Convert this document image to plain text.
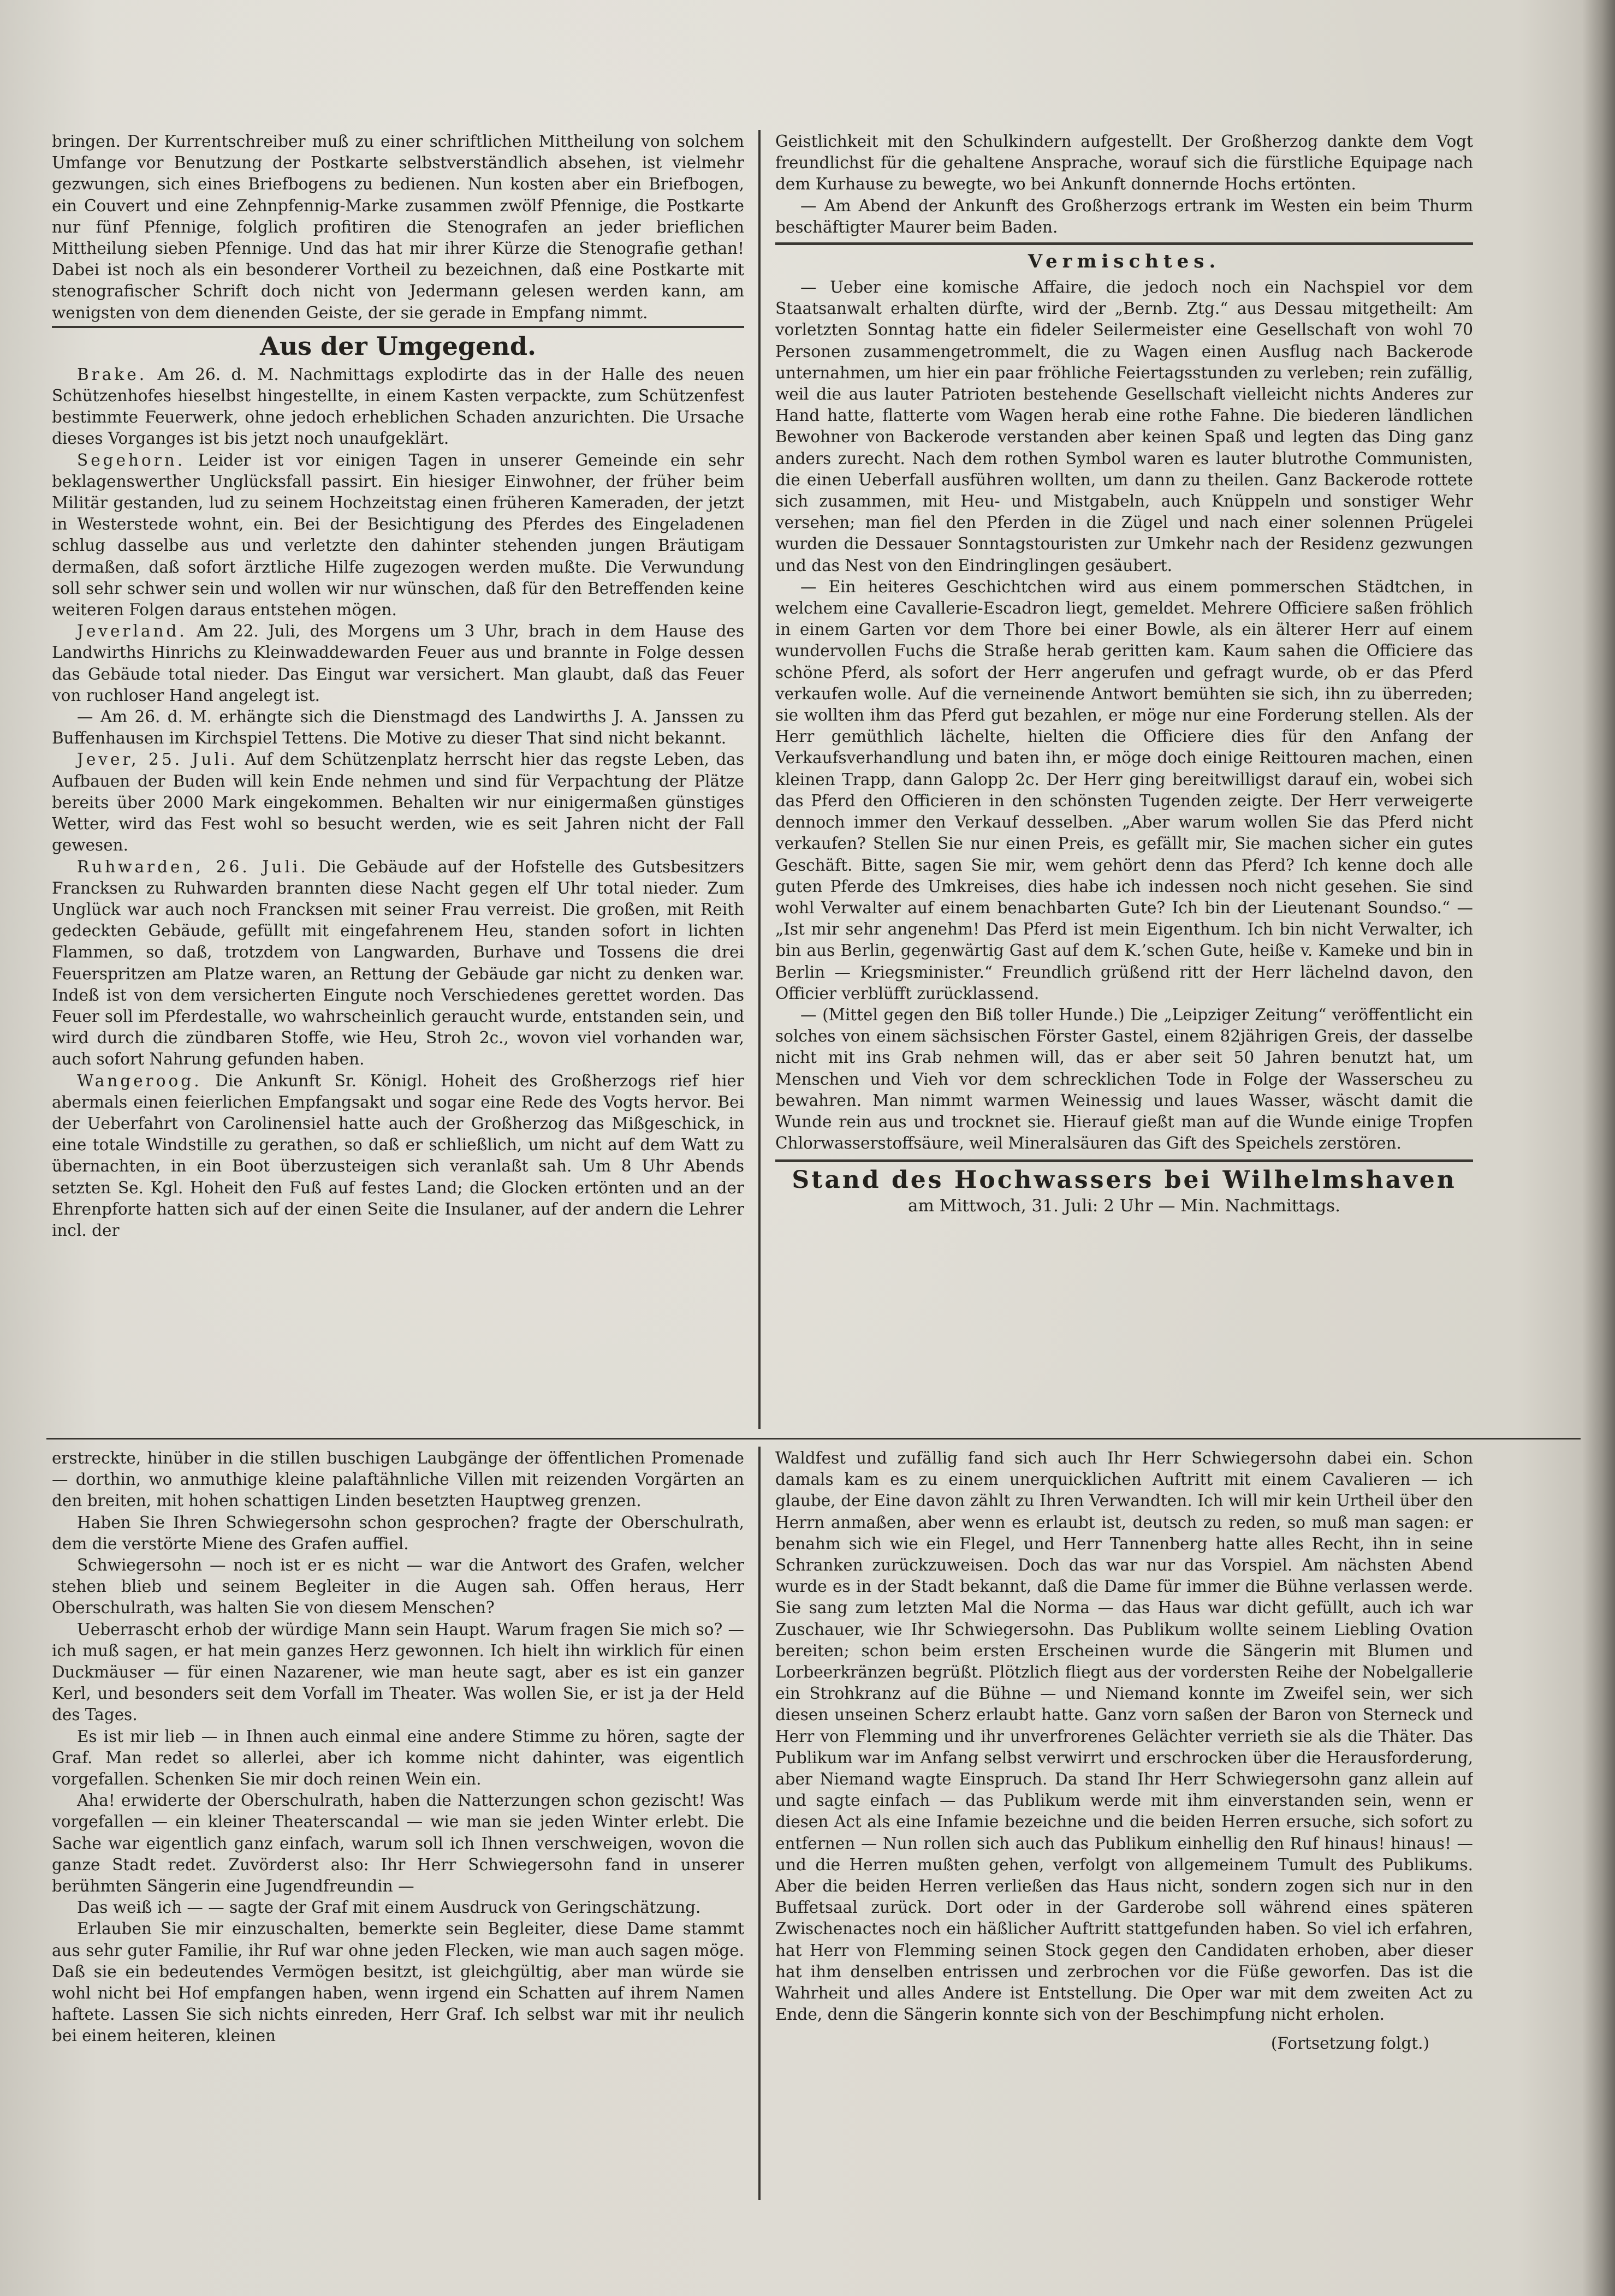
bringen. Der Kurrentschreiber muß zu einer schriftlichen Mittheilung von solchem Umfange vor Benutzung der Postkarte selbstverständlich absehen, ist vielmehr gezwungen, sich eines Briefbogens zu bedienen. Nun kosten aber ein Briefbogen, ein Couvert und eine Zehnpfennig-Marke zusammen zwölf Pfennige, die Postkarte nur fünf Pfennige, folglich profitiren die Stenografen an jeder brieflichen Mittheilung sieben Pfennige. Und das hat mir ihrer Kürze die Stenografie gethan! Dabei ist noch als ein besonderer Vortheil zu bezeichnen, daß eine Postkarte mit stenografischer Schrift doch nicht von Jedermann gelesen werden kann, am wenigsten von dem dienenden Geiste, der sie gerade in Empfang nimmt.

Aus der Umgegend.

Brake. Am 26. d. M. Nachmittags explodirte das in der Halle des neuen Schützenhofes hieselbst hingestellte, in einem Kasten verpackte, zum Schützenfest bestimmte Feuerwerk, ohne jedoch erheblichen Schaden anzurichten. Die Ursache dieses Vorganges ist bis jetzt noch unaufgeklärt.

Segehorn. Leider ist vor einigen Tagen in unserer Gemeinde ein sehr beklagenswerther Unglücksfall passirt. Ein hiesiger Einwohner, der früher beim Militär gestanden, lud zu seinem Hochzeitstag einen früheren Kameraden, der jetzt in Westerstede wohnt, ein. Bei der Besichtigung des Pferdes des Eingeladenen schlug dasselbe aus und verletzte den dahinter stehenden jungen Bräutigam dermaßen, daß sofort ärztliche Hilfe zugezogen werden mußte. Die Verwundung soll sehr schwer sein und wollen wir nur wünschen, daß für den Betreffenden keine weiteren Folgen daraus entstehen mögen.

Jeverland. Am 22. Juli, des Morgens um 3 Uhr, brach in dem Hause des Landwirths Hinrichs zu Kleinwaddewarden Feuer aus und brannte in Folge dessen das Gebäude total nieder. Das Eingut war versichert. Man glaubt, daß das Feuer von ruchloser Hand angelegt ist.

— Am 26. d. M. erhängte sich die Dienstmagd des Landwirths J. A. Janssen zu Buffenhausen im Kirchspiel Tettens. Die Motive zu dieser That sind nicht bekannt.

Jever, 25. Juli. Auf dem Schützenplatz herrscht hier das regste Leben, das Aufbauen der Buden will kein Ende nehmen und sind für Verpachtung der Plätze bereits über 2000 Mark eingekommen. Behalten wir nur einigermaßen günstiges Wetter, wird das Fest wohl so besucht werden, wie es seit Jahren nicht der Fall gewesen.

Ruhwarden, 26. Juli. Die Gebäude auf der Hofstelle des Gutsbesitzers Francksen zu Ruhwarden brannten diese Nacht gegen elf Uhr total nieder. Zum Unglück war auch noch Francksen mit seiner Frau verreist. Die großen, mit Reith gedeckten Gebäude, gefüllt mit eingefahrenem Heu, standen sofort in lichten Flammen, so daß, trotzdem von Langwarden, Burhave und Tossens die drei Feuerspritzen am Platze waren, an Rettung der Gebäude gar nicht zu denken war. Indeß ist von dem versicherten Eingute noch Verschiedenes gerettet worden. Das Feuer soll im Pferdestalle, wo wahrscheinlich geraucht wurde, entstanden sein, und wird durch die zündbaren Stoffe, wie Heu, Stroh 2c., wovon viel vorhanden war, auch sofort Nahrung gefunden haben.

Wangeroog. Die Ankunft Sr. Königl. Hoheit des Großherzogs rief hier abermals einen feierlichen Empfangsakt und sogar eine Rede des Vogts hervor. Bei der Ueberfahrt von Carolinensiel hatte auch der Großherzog das Mißgeschick, in eine totale Windstille zu gerathen, so daß er schließlich, um nicht auf dem Watt zu übernachten, in ein Boot überzusteigen sich veranlaßt sah. Um 8 Uhr Abends setzten Se. Kgl. Hoheit den Fuß auf festes Land; die Glocken ertönten und an der Ehrenpforte hatten sich auf der einen Seite die Insulaner, auf der andern die Lehrer incl. der

Geistlichkeit mit den Schulkindern aufgestellt. Der Großherzog dankte dem Vogt freundlichst für die gehaltene Ansprache, worauf sich die fürstliche Equipage nach dem Kurhause zu bewegte, wo bei Ankunft donnernde Hochs ertönten.

— Am Abend der Ankunft des Großherzogs ertrank im Westen ein beim Thurm beschäftigter Maurer beim Baden.

Vermischtes.

— Ueber eine komische Affaire, die jedoch noch ein Nachspiel vor dem Staatsanwalt erhalten dürfte, wird der „Bernb. Ztg.“ aus Dessau mitgetheilt: Am vorletzten Sonntag hatte ein fideler Seilermeister eine Gesellschaft von wohl 70 Personen zusammengetrommelt, die zu Wagen einen Ausflug nach Backerode unternahmen, um hier ein paar fröhliche Feiertagsstunden zu verleben; rein zufällig, weil die aus lauter Patrioten bestehende Gesellschaft vielleicht nichts Anderes zur Hand hatte, flatterte vom Wagen herab eine rothe Fahne. Die biederen ländlichen Bewohner von Backerode verstanden aber keinen Spaß und legten das Ding ganz anders zurecht. Nach dem rothen Symbol waren es lauter blutrothe Communisten, die einen Ueberfall ausführen wollten, um dann zu theilen. Ganz Backerode rottete sich zusammen, mit Heu- und Mistgabeln, auch Knüppeln und sonstiger Wehr versehen; man fiel den Pferden in die Zügel und nach einer solennen Prügelei wurden die Dessauer Sonntagstouristen zur Umkehr nach der Residenz gezwungen und das Nest von den Eindringlingen gesäubert.

— Ein heiteres Geschichtchen wird aus einem pommerschen Städtchen, in welchem eine Cavallerie-Escadron liegt, gemeldet. Mehrere Officiere saßen fröhlich in einem Garten vor dem Thore bei einer Bowle, als ein älterer Herr auf einem wundervollen Fuchs die Straße herab geritten kam. Kaum sahen die Officiere das schöne Pferd, als sofort der Herr angerufen und gefragt wurde, ob er das Pferd verkaufen wolle. Auf die verneinende Antwort bemühten sie sich, ihn zu überreden; sie wollten ihm das Pferd gut bezahlen, er möge nur eine Forderung stellen. Als der Herr gemüthlich lächelte, hielten die Officiere dies für den Anfang der Verkaufsverhandlung und baten ihn, er möge doch einige Reittouren machen, einen kleinen Trapp, dann Galopp 2c. Der Herr ging bereitwilligst darauf ein, wobei sich das Pferd den Officieren in den schönsten Tugenden zeigte. Der Herr verweigerte dennoch immer den Verkauf desselben. „Aber warum wollen Sie das Pferd nicht verkaufen? Stellen Sie nur einen Preis, es gefällt mir, Sie machen sicher ein gutes Geschäft. Bitte, sagen Sie mir, wem gehört denn das Pferd? Ich kenne doch alle guten Pferde des Umkreises, dies habe ich indessen noch nicht gesehen. Sie sind wohl Verwalter auf einem benachbarten Gute? Ich bin der Lieutenant Soundso.“ — „Ist mir sehr angenehm! Das Pferd ist mein Eigenthum. Ich bin nicht Verwalter, ich bin aus Berlin, gegenwärtig Gast auf dem K.’schen Gute, heiße v. Kameke und bin in Berlin — Kriegsminister.“ Freundlich grüßend ritt der Herr lächelnd davon, den Officier verblüfft zurücklassend.

— (Mittel gegen den Biß toller Hunde.) Die „Leipziger Zeitung“ veröffentlicht ein solches von einem sächsischen Förster Gastel, einem 82jährigen Greis, der dasselbe nicht mit ins Grab nehmen will, das er aber seit 50 Jahren benutzt hat, um Menschen und Vieh vor dem schrecklichen Tode in Folge der Wasserscheu zu bewahren. Man nimmt warmen Weinessig und laues Wasser, wäscht damit die Wunde rein aus und trocknet sie. Hierauf gießt man auf die Wunde einige Tropfen Chlorwasserstoffsäure, weil Mineralsäuren das Gift des Speichels zerstören.

Stand des Hochwassers bei Wilhelmshaven
am Mittwoch, 31. Juli: 2 Uhr — Min. Nachmittags.

erstreckte, hinüber in die stillen buschigen Laubgänge der öffentlichen Promenade — dorthin, wo anmuthige kleine palaftähnliche Villen mit reizenden Vorgärten an den breiten, mit hohen schattigen Linden besetzten Hauptweg grenzen.

Haben Sie Ihren Schwiegersohn schon gesprochen? fragte der Oberschulrath, dem die verstörte Miene des Grafen auffiel.

Schwiegersohn — noch ist er es nicht — war die Antwort des Grafen, welcher stehen blieb und seinem Begleiter in die Augen sah. Offen heraus, Herr Oberschulrath, was halten Sie von diesem Menschen?

Ueberrascht erhob der würdige Mann sein Haupt. Warum fragen Sie mich so? — ich muß sagen, er hat mein ganzes Herz gewonnen. Ich hielt ihn wirklich für einen Duckmäuser — für einen Nazarener, wie man heute sagt, aber es ist ein ganzer Kerl, und besonders seit dem Vorfall im Theater. Was wollen Sie, er ist ja der Held des Tages.

Es ist mir lieb — in Ihnen auch einmal eine andere Stimme zu hören, sagte der Graf. Man redet so allerlei, aber ich komme nicht dahinter, was eigentlich vorgefallen. Schenken Sie mir doch reinen Wein ein.

Aha! erwiderte der Oberschulrath, haben die Natterzungen schon gezischt! Was vorgefallen — ein kleiner Theaterscandal — wie man sie jeden Winter erlebt. Die Sache war eigentlich ganz einfach, warum soll ich Ihnen verschweigen, wovon die ganze Stadt redet. Zuvörderst also: Ihr Herr Schwiegersohn fand in unserer berühmten Sängerin eine Jugendfreundin —

Das weiß ich — — sagte der Graf mit einem Ausdruck von Geringschätzung.

Erlauben Sie mir einzuschalten, bemerkte sein Begleiter, diese Dame stammt aus sehr guter Familie, ihr Ruf war ohne jeden Flecken, wie man auch sagen möge. Daß sie ein bedeutendes Vermögen besitzt, ist gleichgültig, aber man würde sie wohl nicht bei Hof empfangen haben, wenn irgend ein Schatten auf ihrem Namen haftete. Lassen Sie sich nichts einreden, Herr Graf. Ich selbst war mit ihr neulich bei einem heiteren, kleinen

Waldfest und zufällig fand sich auch Ihr Herr Schwiegersohn dabei ein. Schon damals kam es zu einem unerquicklichen Auftritt mit einem Cavalieren — ich glaube, der Eine davon zählt zu Ihren Verwandten. Ich will mir kein Urtheil über den Herrn anmaßen, aber wenn es erlaubt ist, deutsch zu reden, so muß man sagen: er benahm sich wie ein Flegel, und Herr Tannenberg hatte alles Recht, ihn in seine Schranken zurückzuweisen. Doch das war nur das Vorspiel. Am nächsten Abend wurde es in der Stadt bekannt, daß die Dame für immer die Bühne verlassen werde. Sie sang zum letzten Mal die Norma — das Haus war dicht gefüllt, auch ich war Zuschauer, wie Ihr Schwiegersohn. Das Publikum wollte seinem Liebling Ovation bereiten; schon beim ersten Erscheinen wurde die Sängerin mit Blumen und Lorbeerkränzen begrüßt. Plötzlich fliegt aus der vordersten Reihe der Nobelgallerie ein Strohkranz auf die Bühne — und Niemand konnte im Zweifel sein, wer sich diesen unseinen Scherz erlaubt hatte. Ganz vorn saßen der Baron von Sterneck und Herr von Flemming und ihr unverfrorenes Gelächter verrieth sie als die Thäter. Das Publikum war im Anfang selbst verwirrt und erschrocken über die Herausforderung, aber Niemand wagte Einspruch. Da stand Ihr Herr Schwiegersohn ganz allein auf und sagte einfach — das Publikum werde mit ihm einverstanden sein, wenn er diesen Act als eine Infamie bezeichne und die beiden Herren ersuche, sich sofort zu entfernen — Nun rollen sich auch das Publikum einhellig den Ruf hinaus! hinaus! — und die Herren mußten gehen, verfolgt von allgemeinem Tumult des Publikums. Aber die beiden Herren verließen das Haus nicht, sondern zogen sich nur in den Buffetsaal zurück. Dort oder in der Garderobe soll während eines späteren Zwischenactes noch ein häßlicher Auftritt stattgefunden haben. So viel ich erfahren, hat Herr von Flemming seinen Stock gegen den Candidaten erhoben, aber dieser hat ihm denselben entrissen und zerbrochen vor die Füße geworfen. Das ist die Wahrheit und alles Andere ist Entstellung. Die Oper war mit dem zweiten Act zu Ende, denn die Sängerin konnte sich von der Beschimpfung nicht erholen.

(Fortsetzung folgt.)
